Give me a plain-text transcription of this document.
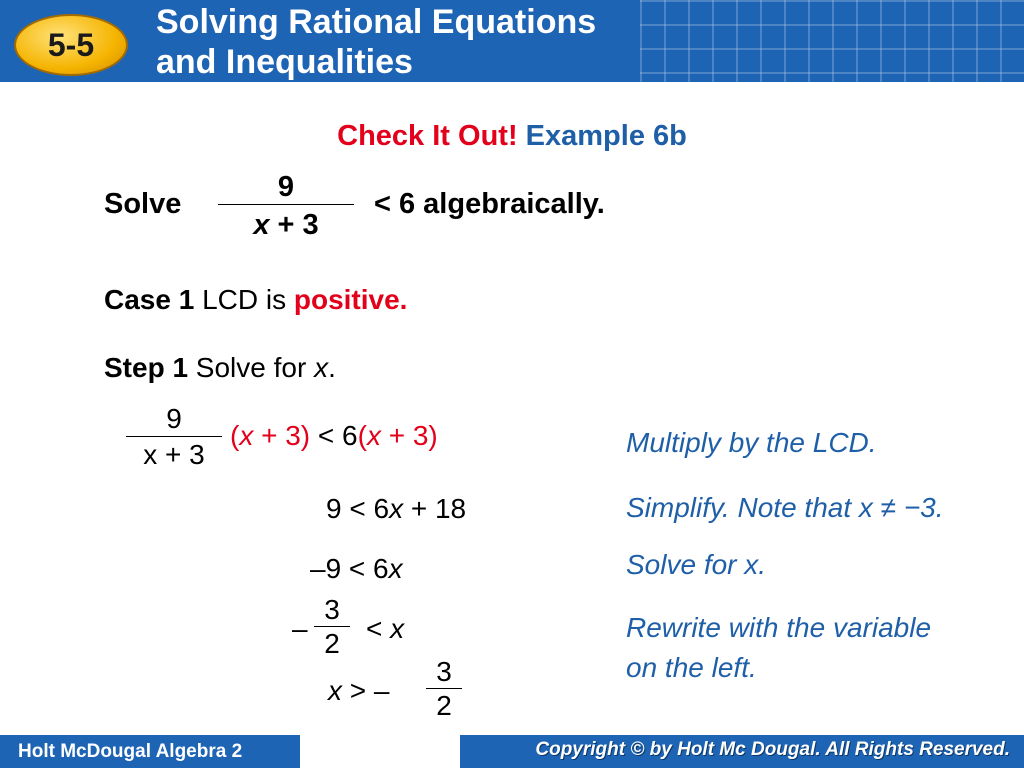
5-5
Solving Rational Equations
and Inequalities
Check It Out! Example 6b
Solve
9
x + 3
< 6 algebraically.
Case 1 LCD is positive.
Step 1 Solve for x.
9
x + 3
(x + 3) < 6(x + 3)
9 < 6x + 18
–9 < 6x
–
3
2 < x
x > –
3
2
Multiply by the LCD.
Simplify. Note that x ≠ −3.
Solve for x.
Rewrite with the variable
on the left.
Holt McDougal Algebra 2	Copyright © by Holt Mc Dougal. All Rights Reserved.
